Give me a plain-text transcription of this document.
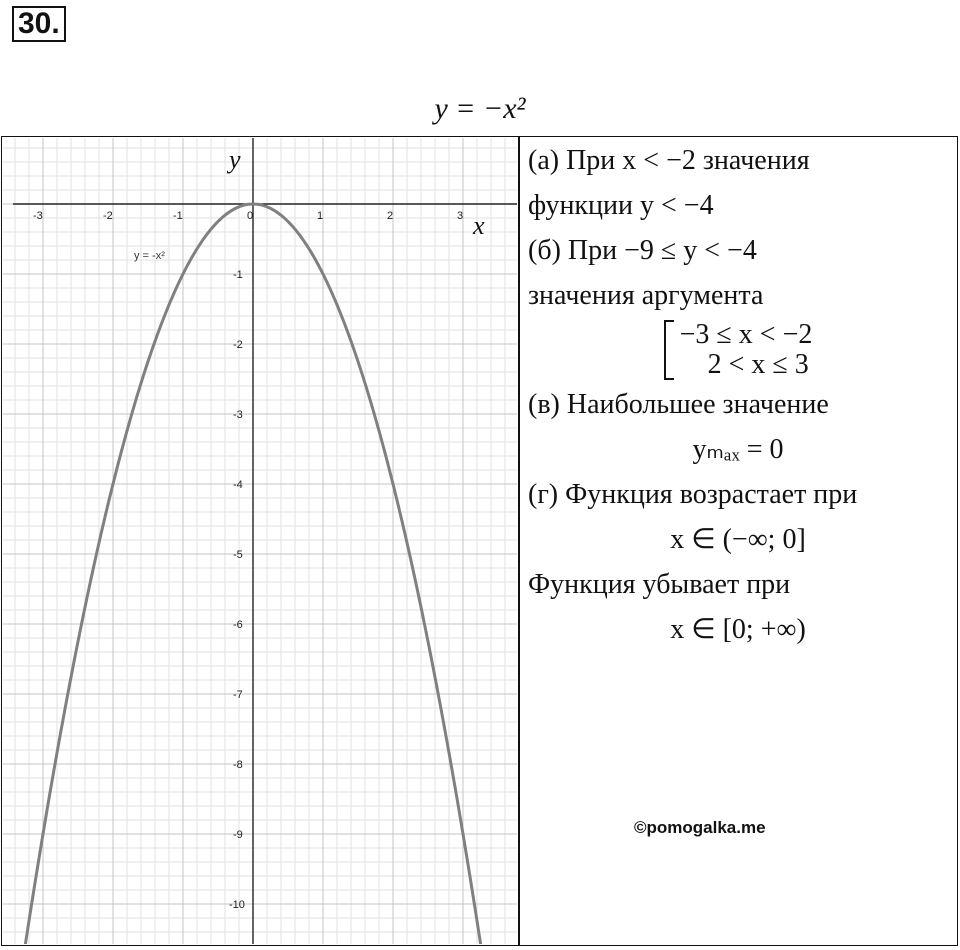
30.
y = −x²
-3	-2	-1	0	1	2	3
-1
-2
-3
-4
-5
-6
-7
-8
-9
-10
y = -x²
x
y	(а) При x < −2 значения
функции y < −4
(б) При −9 ≤ y < −4
значения аргумента
−3 ≤ x < −2
2 < x ≤ 3
(в) Наибольшее значение
yₘₐₓ = 0
(г) Функция возрастает при
x ∈ (−∞; 0]
Функция убывает при
x ∈ [0; +∞)
©pomogalka.me
